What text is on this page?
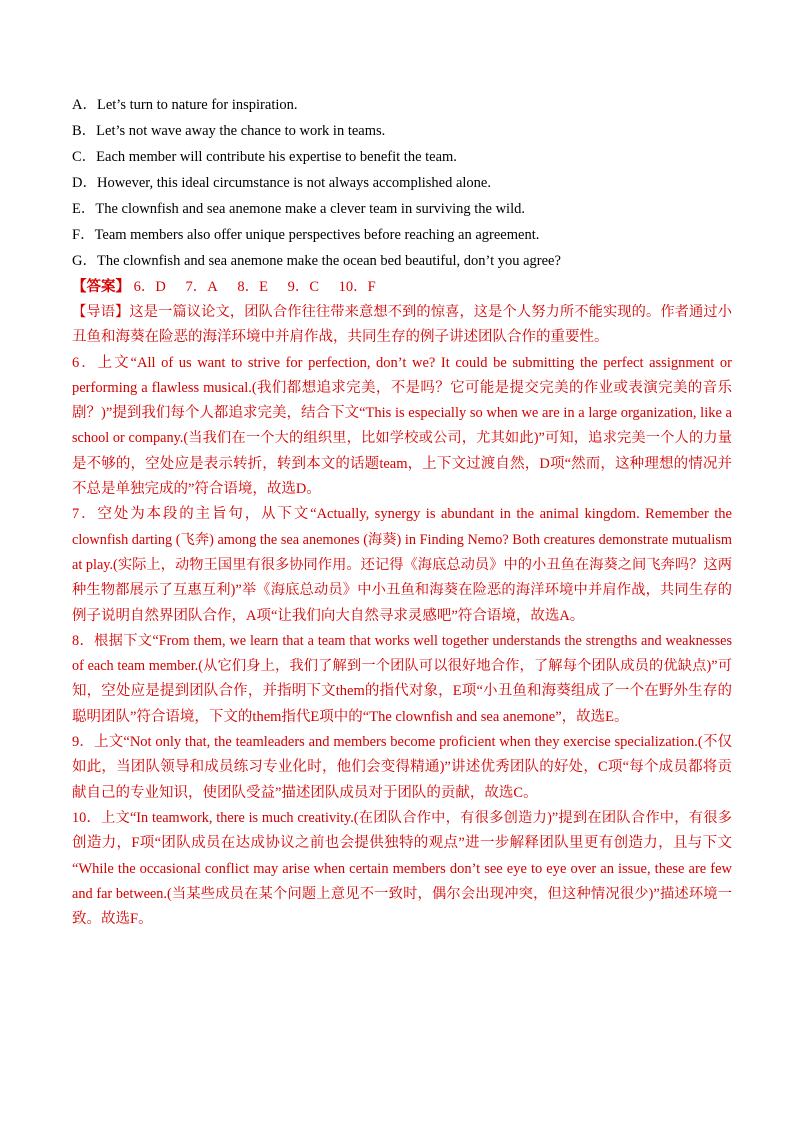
A．Let’s turn to nature for inspiration.
B．Let’s not wave away the chance to work in teams.
C．Each member will contribute his expertise to benefit the team.
D．However, this ideal circumstance is not always accomplished alone.
E．The clownfish and sea anemone make a clever team in surviving the wild.
F．Team members also offer unique perspectives before reaching an agreement.
G．The clownfish and sea anemone make the ocean bed beautiful, don’t you agree?
【答案】 6．D 7．A 8．E 9．C 10．F
【导语】这是一篇议论文，团队合作往往带来意想不到的惊喜，这是个人努力所不能实现的。作者通过小
丑鱼和海葵在险恶的海洋环境中并肩作战，共同生存的例子讲述团队合作的重要性。
6．上文“All of us want to strive for perfection, don’t we? It could be submitting the perfect assignment or
performing a flawless musical.(我们都想追求完美，不是吗？它可能是提交完美的作业或表演完美的音乐
剧？)”提到我们每个人都追求完美，结合下文“This is especially so when we are in a large organization, like a
school or company.(当我们在一个大的组织里，比如学校或公司，尤其如此)”可知，追求完美一个人的力量
是不够的，空处应是表示转折，转到本文的话题team，上下文过渡自然，D项“然而，这种理想的情况并
不总是单独完成的”符合语境，故选D。
7．空处为本段的主旨句，从下文“Actually, synergy is abundant in the animal kingdom. Remember the
clownfish darting (飞奔) among the sea anemones (海葵) in Finding Nemo? Both creatures demonstrate mutualism
at play.(实际上，动物王国里有很多协同作用。还记得《海底总动员》中的小丑鱼在海葵之间飞奔吗？这两
种生物都展示了互惠互利)”举《海底总动员》中小丑鱼和海葵在险恶的海洋环境中并肩作战，共同生存的
例子说明自然界团队合作，A项“让我们向大自然寻求灵感吧”符合语境，故选A。
8．根据下文“From them, we learn that a team that works well together understands the strengths and weaknesses
of each team member.(从它们身上，我们了解到一个团队可以很好地合作，了解每个团队成员的优缺点)”可
知，空处应是提到团队合作，并指明下文them的指代对象，E项“小丑鱼和海葵组成了一个在野外生存的
聪明团队”符合语境，下文的them指代E项中的“The clownfish and sea anemone”，故选E。
9．上文“Not only that, the teamleaders and members become proficient when they exercise specialization.(不仅
如此，当团队领导和成员练习专业化时，他们会变得精通)”讲述优秀团队的好处，C项“每个成员都将贡
献自己的专业知识，使团队受益”描述团队成员对于团队的贡献，故选C。
10．上文“In teamwork, there is much creativity.(在团队合作中，有很多创造力)”提到在团队合作中，有很多
创造力，F项“团队成员在达成协议之前也会提供独特的观点”进一步解释团队里更有创造力，且与下文
“While the occasional conflict may arise when certain members don’t see eye to eye over an issue, these are few
and far between.(当某些成员在某个问题上意见不一致时，偶尔会出现冲突，但这种情况很少)”描述环境一
致。故选F。
